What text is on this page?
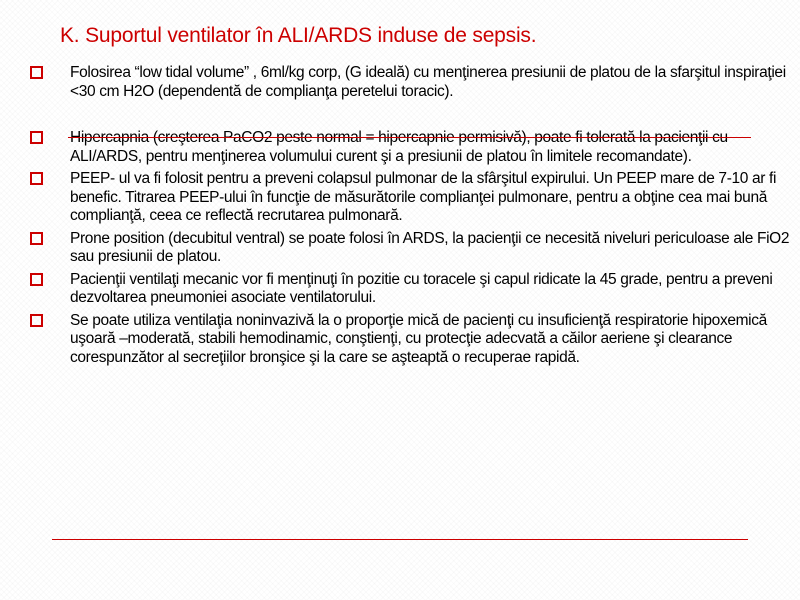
K. Suportul ventilator în ALI/ARDS induse de sepsis.
Folosirea “low tidal volume” , 6ml/kg corp, (G ideală) cu menţinerea presiunii de platou de la sfarşitul inspiraţiei <30 cm H2O (dependentă de complianţa peretelui toracic).
Hipercapnia (creşterea PaCO2 peste normal = hipercapnie permisivă), poate fi tolerată la pacienţii cu ALI/ARDS, pentru menţinerea volumului curent şi a presiunii de platou în limitele recomandate).
PEEP- ul va fi folosit pentru a preveni colapsul pulmonar de la sfârşitul expirului. Un PEEP mare de 7-10 ar fi benefic. Titrarea PEEP-ului în funcţie de măsurătorile complianţei pulmonare, pentru a obţine cea mai bună complianţă, ceea ce reflectă recrutarea pulmonară.
Prone position (decubitul ventral) se poate folosi în ARDS, la pacienţii ce necesită niveluri periculoase ale FiO2 sau presiunii de platou.
Pacienţii ventilaţi mecanic vor fi menţinuţi în pozitie cu toracele şi capul ridicate la 45 grade, pentru a preveni dezvoltarea pneumoniei asociate ventilatorului.
Se poate utiliza ventilaţia noninvazivă la o proporţie mică de pacienţi cu insuficienţă respiratorie hipoxemică uşoară –moderată, stabili hemodinamic, conştienţi, cu protecţie adecvată a căilor aeriene şi clearance corespunzător al secreţiilor bronşice şi la care se aşteaptă o recuperae rapidă.
